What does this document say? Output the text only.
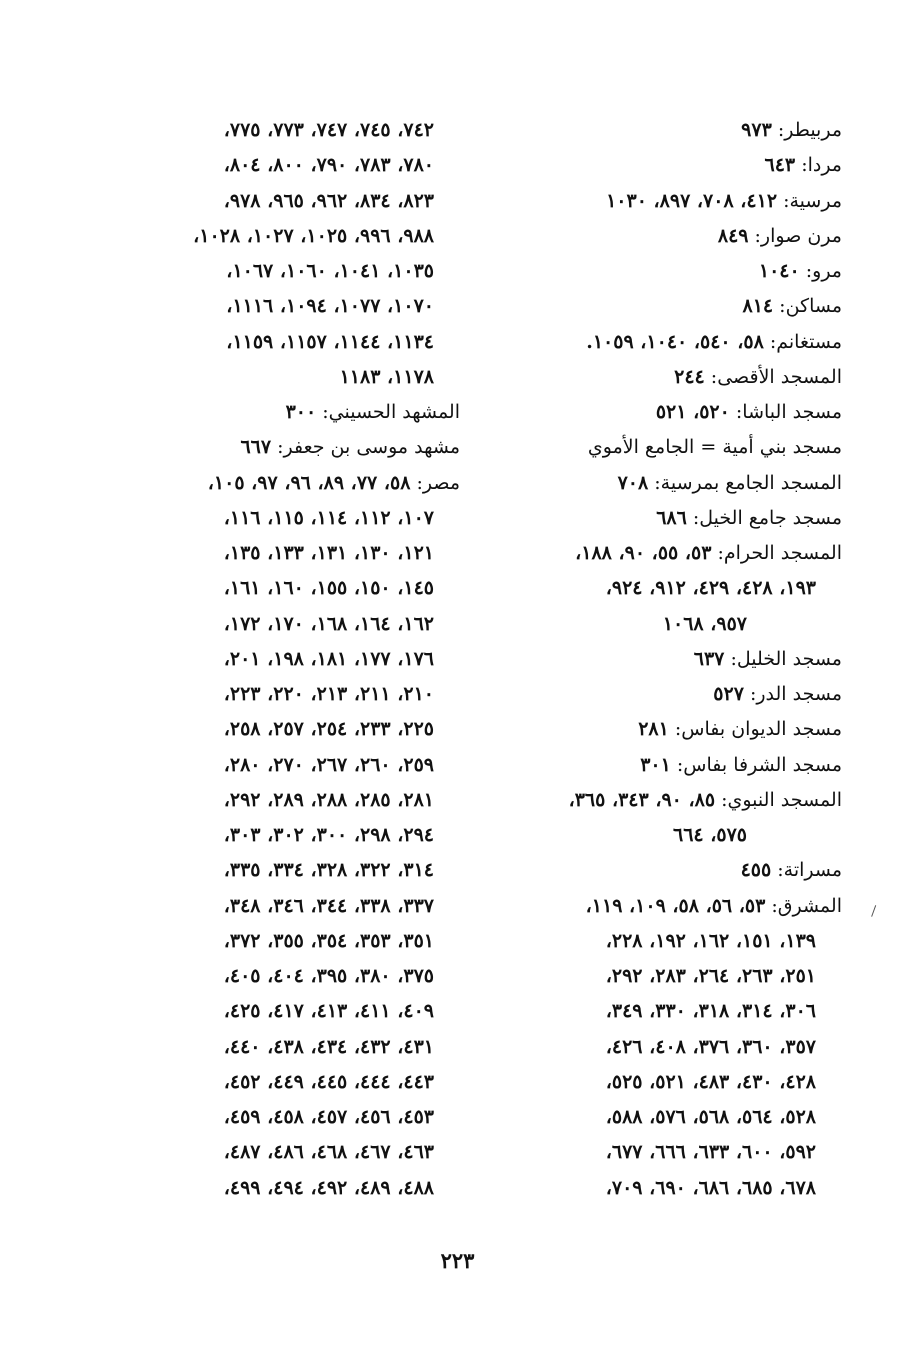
مربيطر: ٩٧٣
مردا: ٦٤٣
مرسية: ٤١٢، ٧٠٨، ٨٩٧، ١٠٣٠
مرن صوار: ٨٤٩
مرو: ١٠٤٠
مساكن: ٨١٤
مستغانم: ٥٨، ٥٤٠، ١٠٤٠، ١٠٥٩.
المسجد الأقصى: ٢٤٤
مسجد الباشا: ٥٢٠، ٥٢١
مسجد بني أمية = الجامع الأموي
المسجد الجامع بمرسية: ٧٠٨
مسجد جامع الخيل: ٦٨٦
المسجد الحرام: ٥٣، ٥٥، ٩٠، ١٨٨،
١٩٣، ٤٢٨، ٤٢٩، ٩١٢، ٩٢٤،
٩٥٧، ١٠٦٨
مسجد الخليل: ٦٣٧
مسجد الدر: ٥٢٧
مسجد الديوان بفاس: ٢٨١
مسجد الشرفا بفاس: ٣٠١
المسجد النبوي: ٨٥، ٩٠، ٣٤٣، ٣٦٥،
٥٧٥، ٦٦٤
مسراتة: ٤٥٥
المشرق: ٥٣، ٥٦، ٥٨، ١٠٩، ١١٩،
١٣٩، ١٥١، ١٦٢، ١٩٢، ٢٢٨،
٢٥١، ٢٦٣، ٢٦٤، ٢٨٣، ٢٩٢،
٣٠٦، ٣١٤، ٣١٨، ٣٣٠، ٣٤٩،
٣٥٧، ٣٦٠، ٣٧٦، ٤٠٨، ٤٢٦،
٤٢٨، ٤٣٠، ٤٨٣، ٥٢١، ٥٢٥،
٥٢٨، ٥٦٤، ٥٦٨، ٥٧٦، ٥٨٨،
٥٩٢، ٦٠٠، ٦٣٣، ٦٦٦، ٦٧٧،
٦٧٨، ٦٨٥، ٦٨٦، ٦٩٠، ٧٠٩،
٧٤٢، ٧٤٥، ٧٤٧، ٧٧٣، ٧٧٥،
٧٨٠، ٧٨٣، ٧٩٠، ٨٠٠، ٨٠٤،
٨٢٣، ٨٣٤، ٩٦٢، ٩٦٥، ٩٧٨،
٩٨٨، ٩٩٦، ١٠٢٥، ١٠٢٧، ١٠٢٨،
١٠٣٥، ١٠٤١، ١٠٦٠، ١٠٦٧،
١٠٧٠، ١٠٧٧، ١٠٩٤، ١١١٦،
١١٣٤، ١١٤٤، ١١٥٧، ١١٥٩،
١١٧٨، ١١٨٣
المشهد الحسيني: ٣٠٠
مشهد موسى بن جعفر: ٦٦٧
مصر: ٥٨، ٧٧، ٨٩، ٩٦، ٩٧، ١٠٥،
١٠٧، ١١٢، ١١٤، ١١٥، ١١٦،
١٢١، ١٣٠، ١٣١، ١٣٣، ١٣٥،
١٤٥، ١٥٠، ١٥٥، ١٦٠، ١٦١،
١٦٢، ١٦٤، ١٦٨، ١٧٠، ١٧٢،
١٧٦، ١٧٧، ١٨١، ١٩٨، ٢٠١،
٢١٠، ٢١١، ٢١٣، ٢٢٠، ٢٢٣،
٢٢٥، ٢٣٣، ٢٥٤، ٢٥٧، ٢٥٨،
٢٥٩، ٢٦٠، ٢٦٧، ٢٧٠، ٢٨٠،
٢٨١، ٢٨٥، ٢٨٨، ٢٨٩، ٢٩٢،
٢٩٤، ٢٩٨، ٣٠٠، ٣٠٢، ٣٠٣،
٣١٤، ٣٢٢، ٣٢٨، ٣٣٤، ٣٣٥،
٣٣٧، ٣٣٨، ٣٤٤، ٣٤٦، ٣٤٨،
٣٥١، ٣٥٣، ٣٥٤، ٣٥٥، ٣٧٢،
٣٧٥، ٣٨٠، ٣٩٥، ٤٠٤، ٤٠٥،
٤٠٩، ٤١١، ٤١٣، ٤١٧، ٤٢٥،
٤٣١، ٤٣٢، ٤٣٤، ٤٣٨، ٤٤٠،
٤٤٣، ٤٤٤، ٤٤٥، ٤٤٩، ٤٥٢،
٤٥٣، ٤٥٦، ٤٥٧، ٤٥٨، ٤٥٩،
٤٦٣، ٤٦٧، ٤٦٨، ٤٨٦، ٤٨٧،
٤٨٨، ٤٨٩، ٤٩٢، ٤٩٤، ٤٩٩،
٢٢٣
